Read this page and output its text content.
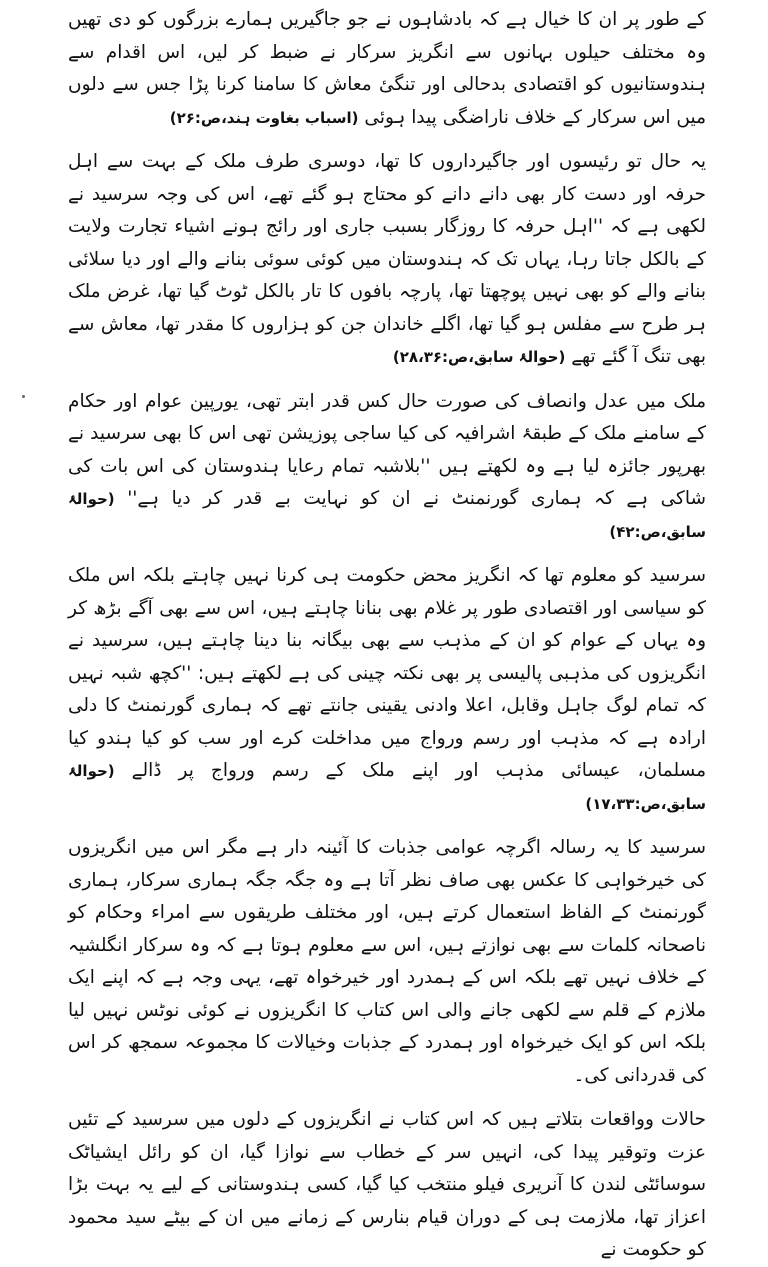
کے طور پر ان کا خیال ہے کہ بادشاہوں نے جو جاگیریں ہمارے بزرگوں کو دی تھیں وہ مختلف حیلوں بہانوں سے انگریز سرکار نے ضبط کر لیں، اس اقدام سے ہندوستانیوں کو اقتصادی بدحالی اور تنگیٔ معاش کا سامنا کرنا پڑا جس سے دلوں میں اس سرکار کے خلاف ناراضگی پیدا ہوئی (اسباب بغاوت ہند،ص:۲۶)

یہ حال تو رئیسوں اور جاگیرداروں کا تھا، دوسری طرف ملک کے بہت سے اہل حرفہ اور دست کار بھی دانے دانے کو محتاج ہو گئے تھے، اس کی وجہ سرسید نے لکھی ہے کہ ''اہل حرفہ کا روزگار بسبب جاری اور رائج ہونے اشیاء تجارت ولایت کے بالکل جاتا رہا، یہاں تک کہ ہندوستان میں کوئی سوئی بنانے والے اور دیا سلائی بنانے والے کو بھی نہیں پوچھتا تھا، پارچہ بافوں کا تار بالکل ٹوٹ گیا تھا، غرض ملک ہر طرح سے مفلس ہو گیا تھا، اگلے خاندان جن کو ہزاروں کا مقدر تھا، معاش سے بھی تنگ آ گئے تھے (حوالۂ سابق،ص:۲۸،۳۶)

ملک میں عدل وانصاف کی صورت حال کس قدر ابتر تھی، یورپین عوام اور حکام کے سامنے ملک کے طبقۂ اشرافیہ کی کیا ساجی پوزیشن تھی اس کا بھی سرسید نے بھرپور جائزہ لیا ہے وہ لکھتے ہیں ''بلاشبہ تمام رعایا ہندوستان کی اس بات کی شاکی ہے کہ ہماری گورنمنٹ نے ان کو نہایت بے قدر کر دیا ہے'' (حوالۂ سابق،ص:۴۲)

سرسید کو معلوم تھا کہ انگریز محض حکومت ہی کرنا نہیں چاہتے بلکہ اس ملک کو سیاسی اور اقتصادی طور پر غلام بھی بنانا چاہتے ہیں، اس سے بھی آگے بڑھ کر وہ یہاں کے عوام کو ان کے مذہب سے بھی بیگانہ بنا دینا چاہتے ہیں، سرسید نے انگریزوں کی مذہبی پالیسی پر بھی نکتہ چینی کی ہے لکھتے ہیں: ''کچھ شبہ نہیں کہ تمام لوگ جاہل وقابل، اعلا وادنی یقینی جانتے تھے کہ ہماری گورنمنٹ کا دلی ارادہ ہے کہ مذہب اور رسم ورواج میں مداخلت کرے اور سب کو کیا ہندو کیا مسلمان، عیسائی مذہب اور اپنے ملک کے رسم ورواج پر ڈالے (حوالۂ سابق،ص:۱۷،۳۳)

سرسید کا یہ رسالہ اگرچہ عوامی جذبات کا آئینہ دار ہے مگر اس میں انگریزوں کی خیرخواہی کا عکس بھی صاف نظر آتا ہے وہ جگہ جگہ ہماری سرکار، ہماری گورنمنٹ کے الفاظ استعمال کرتے ہیں، اور مختلف طریقوں سے امراء وحکام کو ناصحانہ کلمات سے بھی نوازتے ہیں، اس سے معلوم ہوتا ہے کہ وہ سرکار انگلشیہ کے خلاف نہیں تھے بلکہ اس کے ہمدرد اور خیرخواہ تھے، یہی وجہ ہے کہ اپنے ایک ملازم کے قلم سے لکھی جانے والی اس کتاب کا انگریزوں نے کوئی نوٹس نہیں لیا بلکہ اس کو ایک خیرخواہ اور ہمدرد کے جذبات وخیالات کا مجموعہ سمجھ کر اس کی قدردانی کی۔

حالات وواقعات بتلاتے ہیں کہ اس کتاب نے انگریزوں کے دلوں میں سرسید کے تئیں عزت وتوقیر پیدا کی، انہیں سر کے خطاب سے نوازا گیا، ان کو رائل ایشیاٹک سوسائٹی لندن کا آنریری فیلو منتخب کیا گیا، کسی ہندوستانی کے لیے یہ بہت بڑا اعزاز تھا، ملازمت ہی کے دوران قیام بنارس کے زمانے میں ان کے بیٹے سید محمود کو حکومت نے
